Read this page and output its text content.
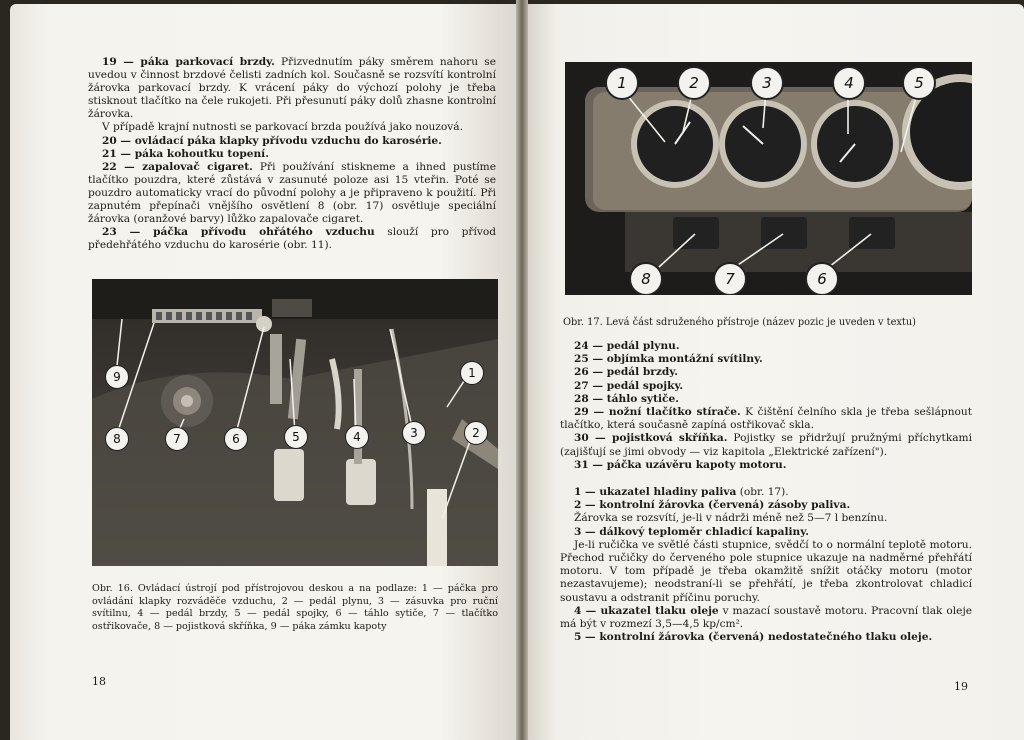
19 — páka parkovací brzdy. Přizvednutím páky směrem nahoru se uvedou v činnost brzdové čelisti zadních kol. Současně se rozsvítí kontrolní žárovka parkovací brzdy. K vrácení páky do výchozí polohy je třeba stisknout tlačítko na čele rukojeti. Při přesunutí páky dolů zhasne kontrolní žárovka.

V případě krajní nutnosti se parkovací brzda používá jako nouzová.

20 — ovládací páka klapky přívodu vzduchu do karosérie.

21 — páka kohoutku topení.

22 — zapalovač cigaret. Při používání stiskneme a ihned pustíme tlačítko pouzdra, které zůstává v zasunuté poloze asi 15 vteřin. Poté se pouzdro automaticky vrací do původní polohy a je připraveno k použití. Při zapnutém přepínači vnějšího osvětlení 8 (obr. 17) osvětluje speciální žárovka (oranžové barvy) lůžko zapalovače cigaret.

23 — páčka přívodu ohřátého vzduchu slouží pro přívod předehřátého vzduchu do karosérie (obr. 11).

1
2
3
4
5
6
7
8
9
Obr. 16. Ovládací ústrojí pod přístrojovou deskou a na podlaze: 1 — páčka pro ovládání klapky rozváděče vzduchu, 2 — pedál plynu, 3 — zásuvka pro ruční svítilnu, 4 — pedál brzdy, 5 — pedál spojky, 6 — táhlo sytiče, 7 — tlačítko ostřikovače, 8 — pojistková skříňka, 9 — páka zámku kapoty
18
1	2	3	4	5
6
7
8
Obr. 17. Levá část sdruženého přístroje (název pozic je uveden v textu)
24 — pedál plynu.
25 — objímka montážní svítilny.
26 — pedál brzdy.
27 — pedál spojky.
28 — táhlo sytiče.
29 — nožní tlačítko stírače. K čištění čelního skla je třeba sešlápnout tlačítko, která současně zapíná ostřikovač skla.
30 — pojistková skříňka. Pojistky se přidržují pružnými příchytkami (zajišťují se jimi obvody — viz kapitola „Elektrické zařízení").
31 — páčka uzávěru kapoty motoru.
1 — ukazatel hladiny paliva (obr. 17).
2 — kontrolní žárovka (červená) zásoby paliva.
Žárovka se rozsvítí, je-li v nádrži méně než 5—7 l benzínu.
3 — dálkový teploměr chladicí kapaliny.
Je-li ručička ve světlé části stupnice, svědčí to o normální teplotě motoru. Přechod ručičky do červeného pole stupnice ukazuje na nadměrné přehřátí motoru. V tom případě je třeba okamžitě snížit otáčky motoru (motor nezastavujeme); neodstraní-li se přehřátí, je třeba zkontrolovat chladicí soustavu a odstranit příčinu poruchy.
4 — ukazatel tlaku oleje v mazací soustavě motoru. Pracovní tlak oleje má být v rozmezí 3,5—4,5 kp/cm².
5 — kontrolní žárovka (červená) nedostatečného tlaku oleje.
19
